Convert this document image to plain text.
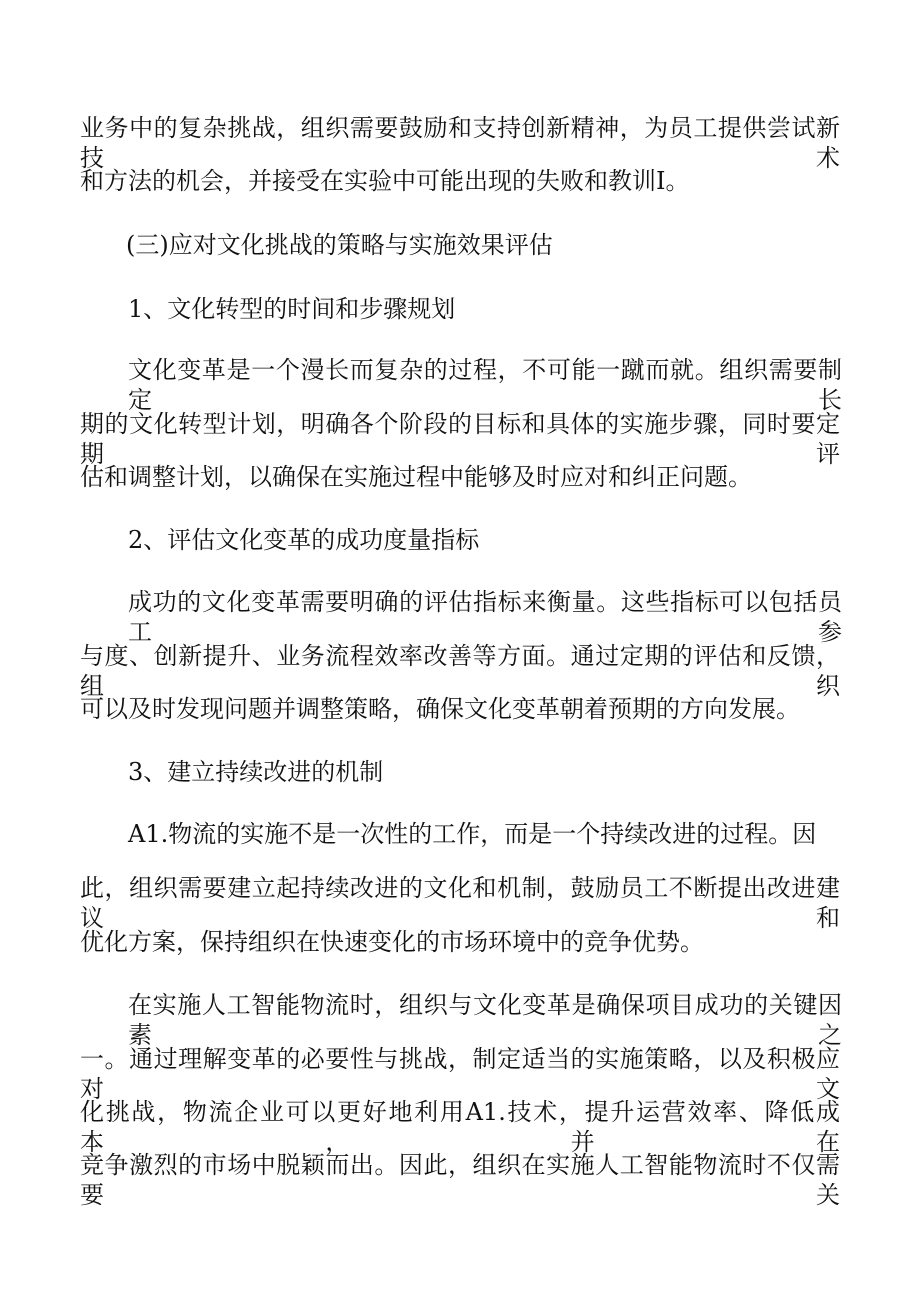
业务中的复杂挑战，组织需要鼓励和支持创新精神，为员工提供尝试新技术
和方法的机会，并接受在实验中可能出现的失败和教训I。
(三)应对文化挑战的策略与实施效果评估
1、文化转型的时间和步骤规划
文化变革是一个漫长而复杂的过程，不可能一蹴而就。组织需要制定长
期的文化转型计划，明确各个阶段的目标和具体的实施步骤，同时要定期评
估和调整计划，以确保在实施过程中能够及时应对和纠正问题。
2、评估文化变革的成功度量指标
成功的文化变革需要明确的评估指标来衡量。这些指标可以包括员工参
与度、创新提升、业务流程效率改善等方面。通过定期的评估和反馈，组织
可以及时发现问题并调整策略，确保文化变革朝着预期的方向发展。
3、建立持续改进的机制
A1.物流的实施不是一次性的工作，而是一个持续改进的过程。因
此，组织需要建立起持续改进的文化和机制，鼓励员工不断提出改进建议和
优化方案，保持组织在快速变化的市场环境中的竞争优势。
在实施人工智能物流时，组织与文化变革是确保项目成功的关键因素之
一。通过理解变革的必要性与挑战，制定适当的实施策略，以及积极应对文
化挑战，物流企业可以更好地利用A1.技术，提升运营效率、降低成本，并在
竞争激烈的市场中脱颖而出。因此，组织在实施人工智能物流时不仅需要关
